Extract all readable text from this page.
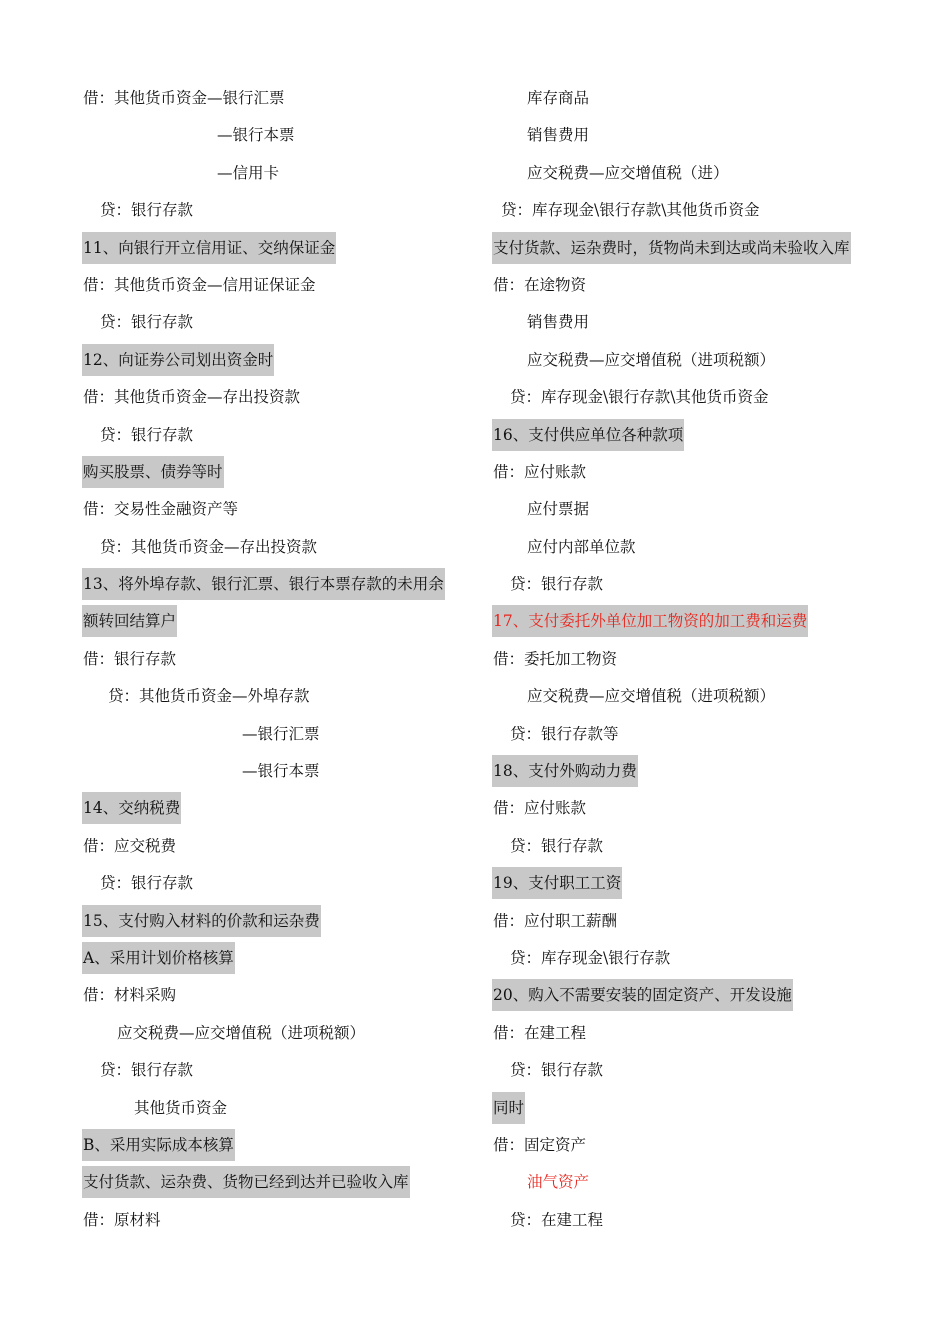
借：其他货币资金—银行汇票
—银行本票
—信用卡
贷：银行存款
11、向银行开立信用证、交纳保证金
借：其他货币资金—信用证保证金
贷：银行存款
12、向证券公司划出资金时
借：其他货币资金—存出投资款
贷：银行存款
购买股票、债券等时
借：交易性金融资产等
贷：其他货币资金—存出投资款
13、将外埠存款、银行汇票、银行本票存款的未用余
额转回结算户
借：银行存款
贷：其他货币资金—外埠存款
—银行汇票
—银行本票
14、交纳税费
借：应交税费
贷：银行存款
15、支付购入材料的价款和运杂费
A、采用计划价格核算
借：材料采购
应交税费—应交增值税（进项税额）
贷：银行存款
其他货币资金
B、采用实际成本核算
支付货款、运杂费、货物已经到达并已验收入库
借：原材料
库存商品
销售费用
应交税费—应交增值税（进）
贷：库存现金\银行存款\其他货币资金
支付货款、运杂费时，货物尚未到达或尚未验收入库
借：在途物资
销售费用
应交税费—应交增值税（进项税额）
贷：库存现金\银行存款\其他货币资金
16、支付供应单位各种款项
借：应付账款
应付票据
应付内部单位款
贷：银行存款
17、支付委托外单位加工物资的加工费和运费
借：委托加工物资
应交税费—应交增值税（进项税额）
贷：银行存款等
18、支付外购动力费
借：应付账款
贷：银行存款
19、支付职工工资
借：应付职工薪酬
贷：库存现金\银行存款
20、购入不需要安装的固定资产、开发设施
借：在建工程
贷：银行存款
同时
借：固定资产
油气资产
贷：在建工程
